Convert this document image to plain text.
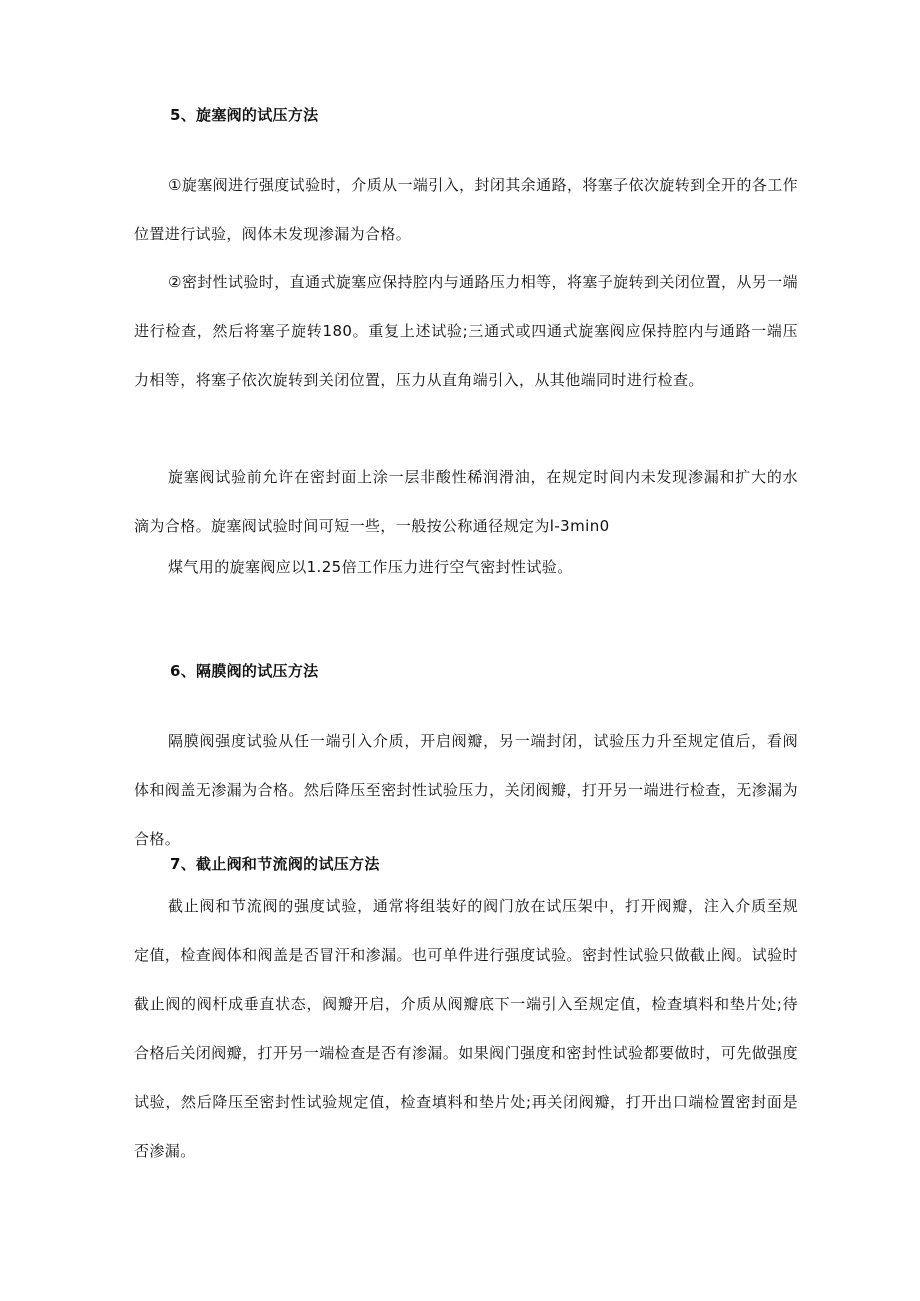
5、旋塞阀的试压方法

①旋塞阀进行强度试验时，介质从一端引入，封闭其余通路，将塞子依次旋转到全开的各工作位置进行试验，阀体未发现渗漏为合格。

②密封性试验时，直通式旋塞应保持腔内与通路压力相等，将塞子旋转到关闭位置，从另一端进行检查，然后将塞子旋转180。重复上述试验;三通式或四通式旋塞阀应保持腔内与通路一端压力相等，将塞子依次旋转到关闭位置，压力从直角端引入，从其他端同时进行检查。

旋塞阀试验前允许在密封面上涂一层非酸性稀润滑油，在规定时间内未发现渗漏和扩大的水滴为合格。旋塞阀试验时间可短一些，一般按公称通径规定为l-3min0

煤气用的旋塞阀应以1.25倍工作压力进行空气密封性试验。

6、隔膜阀的试压方法

隔膜阀强度试验从任一端引入介质，开启阀瓣，另一端封闭，试验压力升至规定值后，看阀体和阀盖无渗漏为合格。然后降压至密封性试验压力，关闭阀瓣，打开另一端进行检查，无渗漏为合格。

7、截止阀和节流阀的试压方法

截止阀和节流阀的强度试验，通常将组装好的阀门放在试压架中，打开阀瓣，注入介质至规定值，检查阀体和阀盖是否冒汗和渗漏。也可单件进行强度试验。密封性试验只做截止阀。试验时截止阀的阀杆成垂直状态，阀瓣开启，介质从阀瓣底下一端引入至规定值，检查填料和垫片处;待合格后关闭阀瓣，打开另一端检查是否有渗漏。如果阀门强度和密封性试验都要做时，可先做强度试验，然后降压至密封性试验规定值，检查填料和垫片处;再关闭阀瓣，打开出口端检置密封面是否渗漏。
